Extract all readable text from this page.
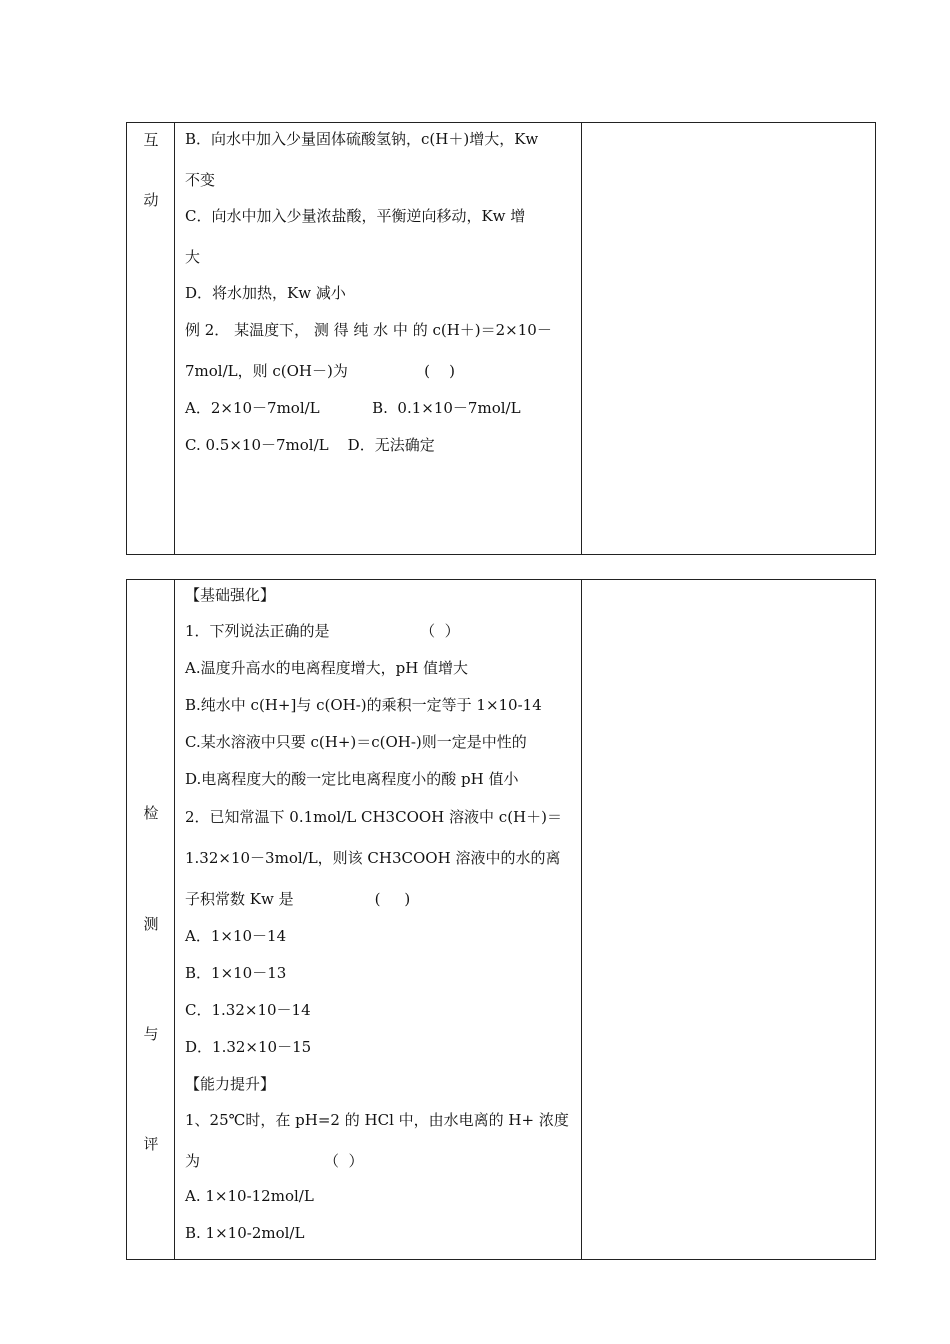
互
动
B．向水中加入少量固体硫酸氢钠，c(H＋)增大，Kw
不变
C．向水中加入少量浓盐酸，平衡逆向移动，Kw 增
大
D．将水加热，Kw 减小
例 2． 某温度下， 测 得 纯 水 中 的 c(H＋)＝2×10－
7mol/L，则 c(OH－)为                (    )
A．2×10－7mol/L           B.  0.1×10－7mol/L
C. 0.5×10－7mol/L    D．无法确定
检
测
与
评
【基础强化】
1．下列说法正确的是                   （  ）
A.温度升高水的电离程度增大，pH 值增大
B.纯水中 c(H+]与 c(OH-)的乘积一定等于 1×10-14
C.某水溶液中只要 c(H+)＝c(OH-)则一定是中性的
D.电离程度大的酸一定比电离程度小的酸 pH 值小
2．已知常温下 0.1mol/L CH3COOH 溶液中 c(H＋)＝
1.32×10－3mol/L，则该 CH3COOH 溶液中的水的离
子积常数 Kw 是                 (     )
A．1×10－14
B．1×10－13
C．1.32×10－14
D．1.32×10－15
【能力提升】
1、25℃时，在 pH=2 的 HCl 中，由水电离的 H+ 浓度
为                          （  ）
A. 1×10-12mol/L
B. 1×10-2mol/L
